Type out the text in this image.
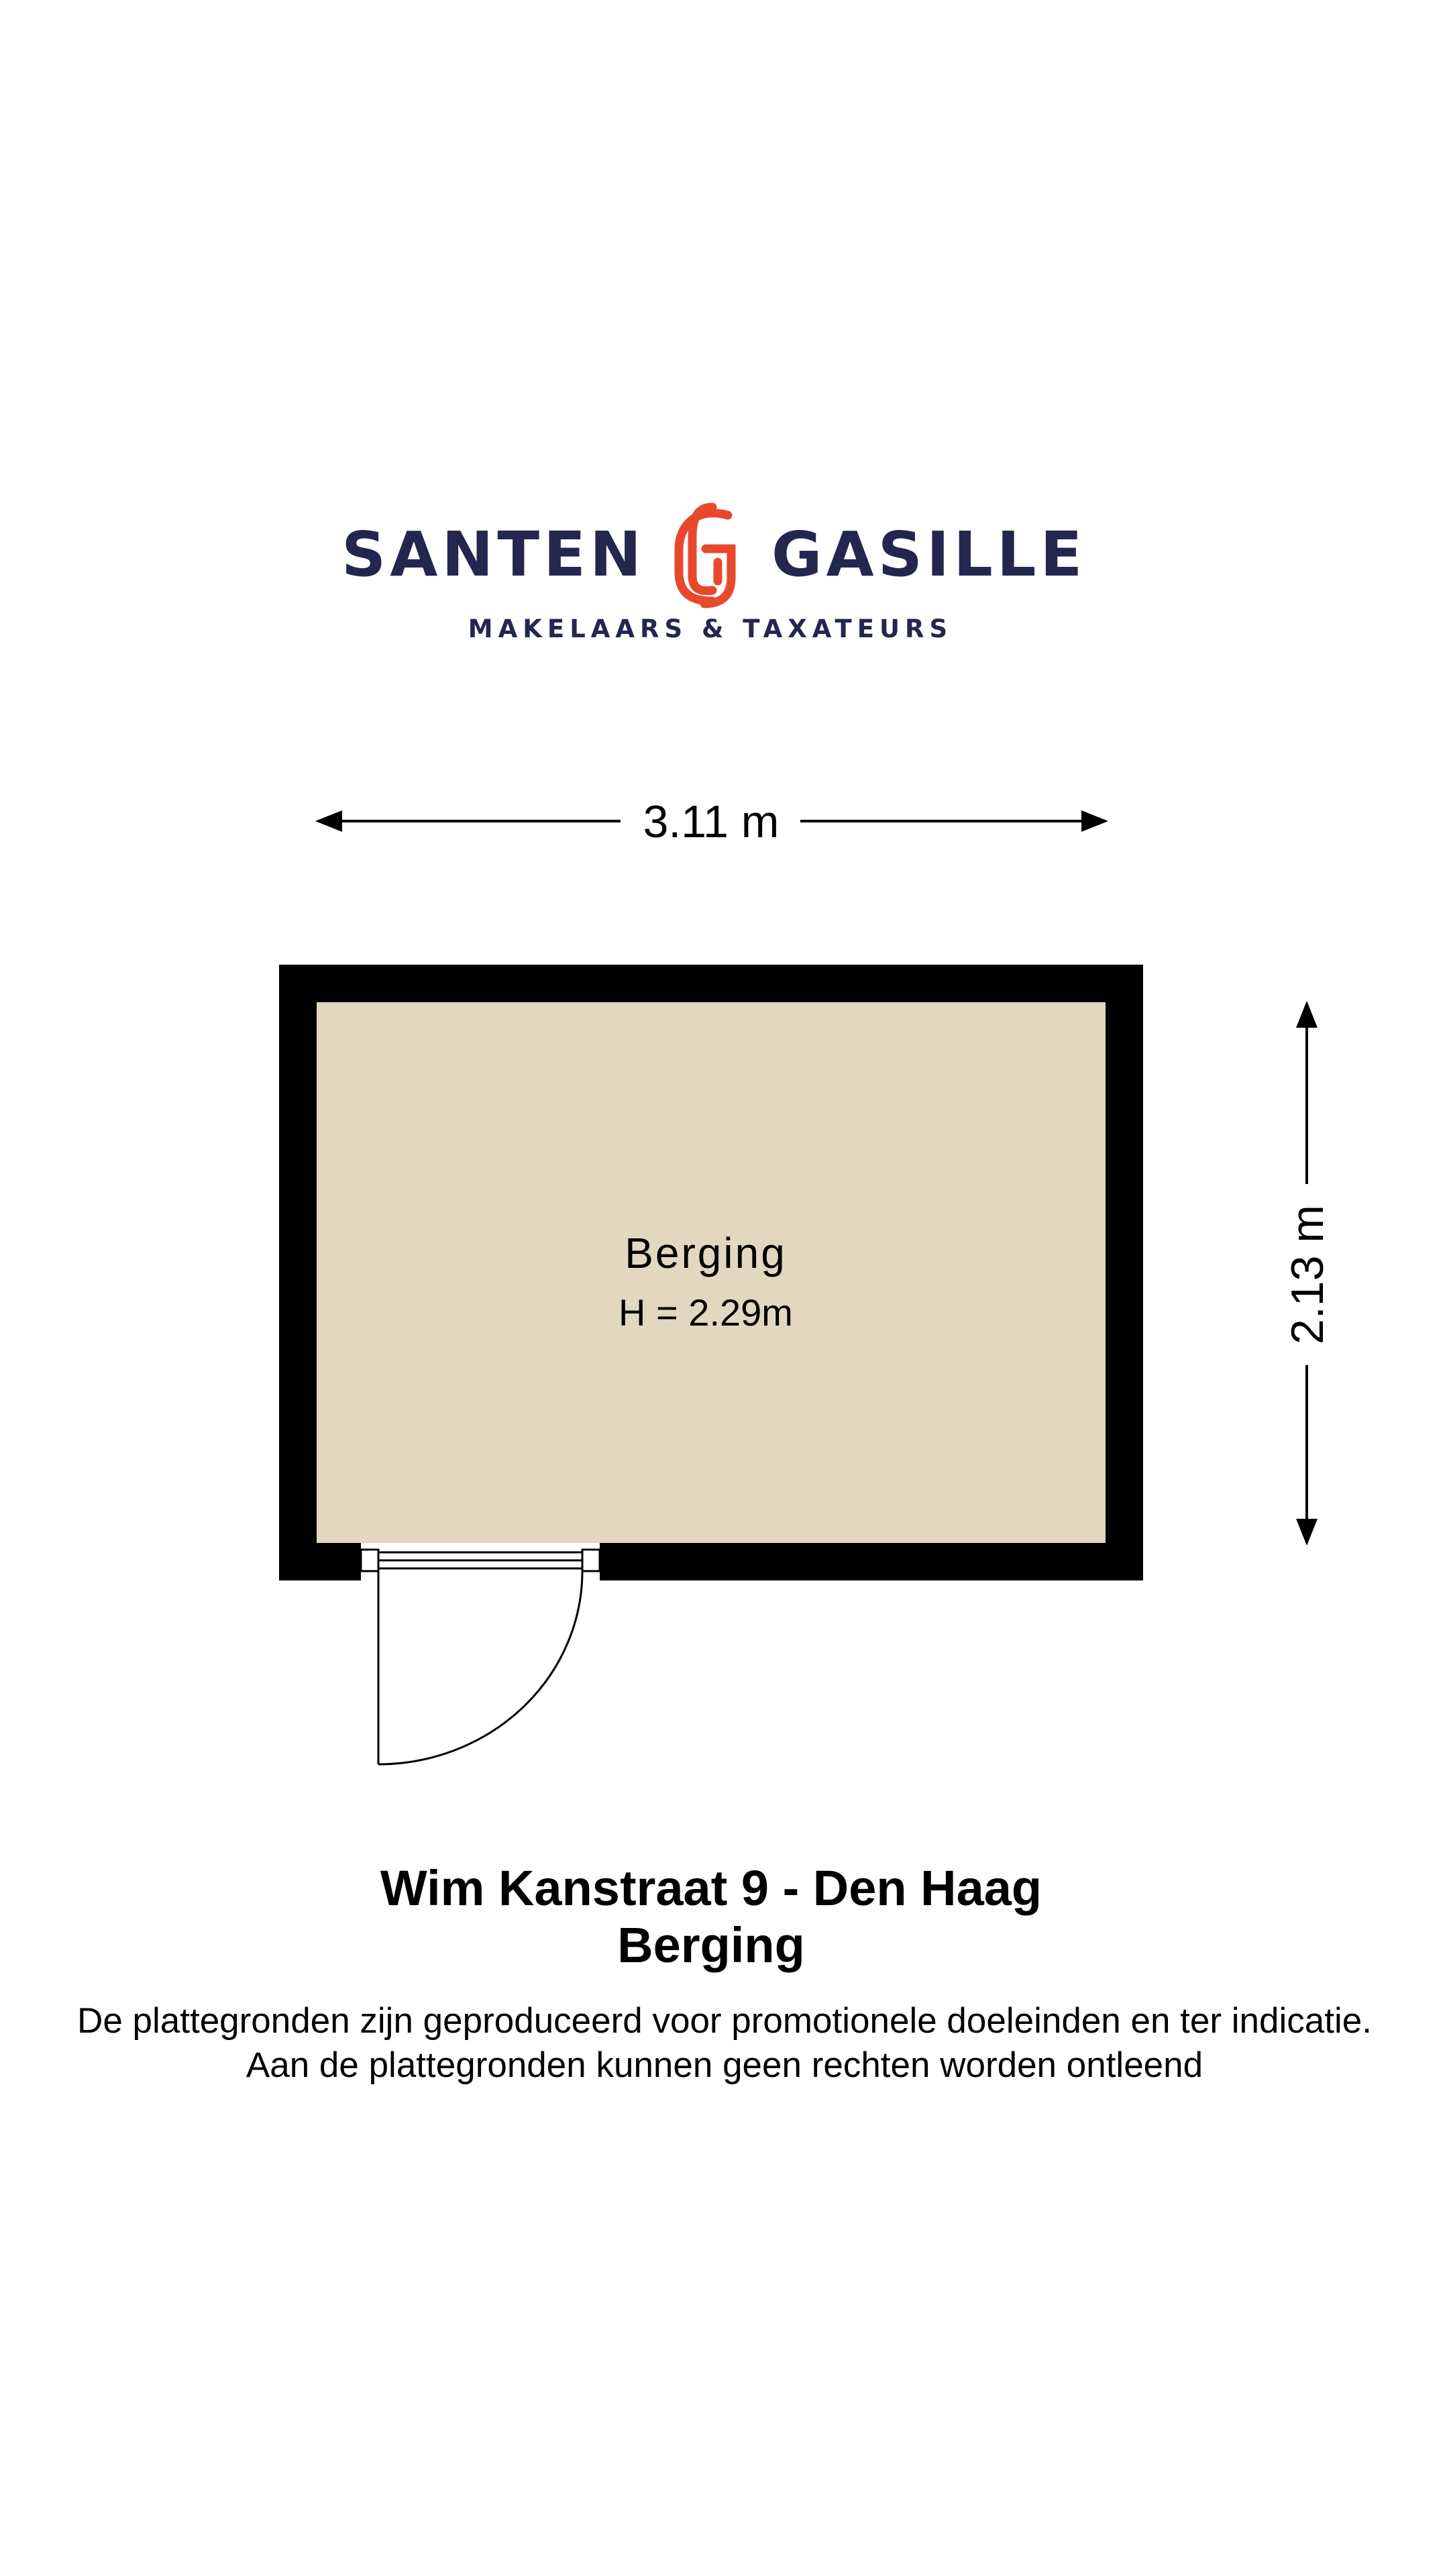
SANTEN GASILLE
MAKELAARS & TAXATEURS
3.11 m
2.13 m
Berging
H = 2.29m
Wim Kanstraat 9 - Den Haag
Berging
De plattegronden zijn geproduceerd voor promotionele doeleinden en ter indicatie.
Aan de plattegronden kunnen geen rechten worden ontleend
